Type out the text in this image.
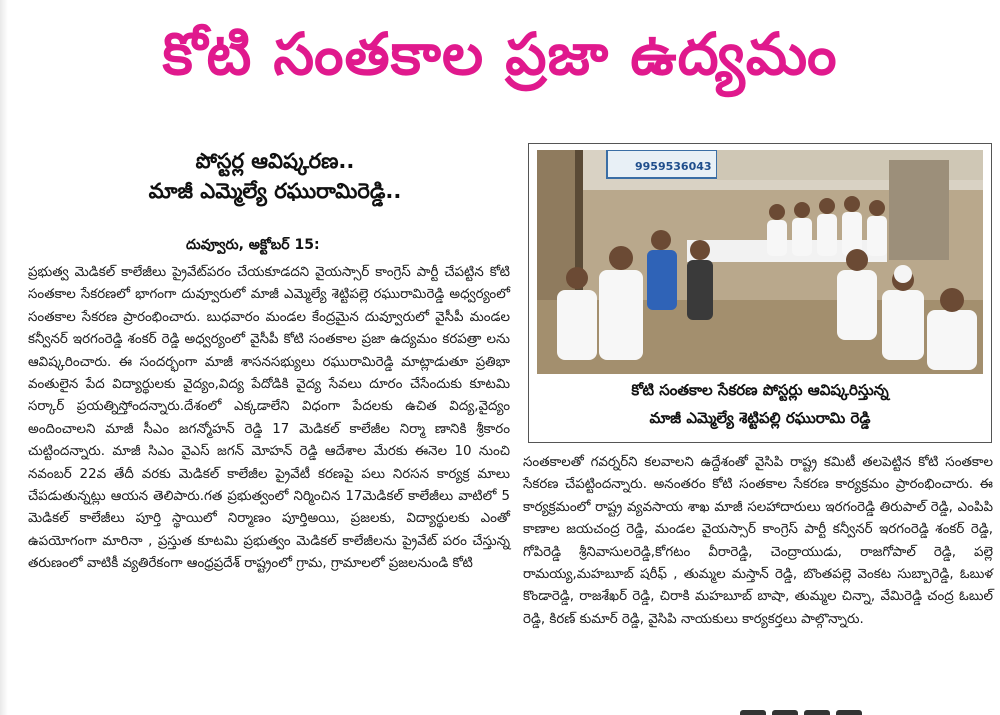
కోటి సంతకాల ప్రజా ఉద్యమం
పోస్టర్ల ఆవిష్కరణ..
మాజీ ఎమ్మెల్యే రఘురామిరెడ్డి..
దువ్వూరు, అక్టోబర్ 15:
ప్రభుత్వ మెడికల్ కాలేజీలు ప్రైవేట్‌పరం చేయకూడదని వైయస్సార్ కాంగ్రెస్ పార్టీ చేపట్టిన కోటి సంతకాల సేకరణలో భాగంగా దువ్వూరులో మాజీ ఎమ్మెల్యే శెట్టిపల్లె రఘురామిరెడ్డి అధ్వర్యంలో సంతకాల సేకరణ ప్రారంభించారు. బుధవారం మండల కేంద్రమైన దువ్వూరులో వైసీపీ మండల కన్వీనర్ ఇరగంరెడ్డి శంకర్ రెడ్డి అధ్వర్యంలో వైసీపీ కోటి సంతకాల ప్రజా ఉద్యమం కరపత్రా లను ఆవిష్కరించారు. ఈ సందర్భంగా మాజీ శాసనసభ్యులు రఘురామిరెడ్డి మాట్లాడుతూ ప్రతిభా వంతులైన పేద విద్యార్థులకు వైద్యం,విద్య పేదోడికి వైద్య సేవలు దూరం చేసేందుకు కూటమి సర్కార్ ప్రయత్నిస్తోందన్నారు.దేశంలో ఎక్కడాలేని విధంగా పేదలకు ఉచిత విద్య,వైద్యం అందించాలని మాజీ సీఎం జగన్మోహన్ రెడ్డి 17 మెడికల్ కాలేజీల నిర్మా ణానికి శ్రీకారం చుట్టిందన్నారు. మాజీ సిఎం వైఎస్ జగన్ మోహన్ రెడ్డి ఆదేశాల మేరకు ఈనెల 10 నుంచి నవంబర్ 22వ తేదీ వరకు మెడికల్ కాలేజీల ప్రైవేటీ కరణపై పలు నిరసన కార్యక్ర మాలు చేపడుతున్నట్లు ఆయన తెలిపారు.గత ప్రభుత్వంలో నిర్మించిన 17మెడికల్ కాలేజీలు వాటిలో 5 మెడికల్ కాలేజీలు పూర్తి స్థాయిలో నిర్మాణం పూర్తిఅయి, ప్రజలకు, విద్యార్థులకు ఎంతో ఉపయోగంగా మారినా , ప్రస్తుత కూటమి ప్రభుత్వం మెడికల్ కాలేజీలను ప్రైవేట్ పరం చేస్తున్న తరుణంలో వాటికీ వ్యతిరేకంగా ఆంధ్రప్రదేశ్ రాష్ట్రంలో గ్రామ, గ్రామాలలో ప్రజలనుండి కోటి
9959536043
కోటి సంతకాల సేకరణ పోస్టర్లు ఆవిష్కరిస్తున్న
మాజీ ఎమ్మెల్యే శెట్టిపల్లి రఘురామి రెడ్డి
సంతకాలతో గవర్నర్‌ని కలవాలని ఉద్దేశంతో వైసిపి రాష్ట్ర కమిటీ తలపెట్టిన కోటి సంతకాల సేకరణ చేపట్టిందన్నారు. అనంతరం కోటి సంతకాల సేకరణ కార్యక్రమం ప్రారంభించారు. ఈ కార్యక్రమంలో రాష్ట్ర వ్యవసాయ శాఖ మాజీ సలహాదారులు ఇరగంరెడ్డి తిరుపాల్ రెడ్డి, ఎంపిపి కాణాల జయచంద్ర రెడ్డి, మండల వైయస్సార్ కాంగ్రెస్ పార్టీ కన్వీనర్ ఇరగంరెడ్డి శంకర్ రెడ్డి, గోపిరెడ్డి శ్రీనివాసులరెడ్డి,కోగటం వీరారెడ్డి, చెంద్రాయుడు, రాజగోపాల్ రెడ్డి, పల్లె రామయ్య,మహబూబ్ షరీఫ్ , తుమ్మల మస్తాన్ రెడ్డి, బొంతపల్లె వెంకట సుబ్బారెడ్డి, ఓబుళ కొండారెడ్డి, రాజశేఖర్ రెడ్డి, చిరాకి మహబూబ్ బాషా, తుమ్మల చిన్నా, వేమిరెడ్డి చంద్ర ఓబుల్ రెడ్డి, కిరణ్ కుమార్ రెడ్డి, వైసిపి నాయకులు కార్యకర్తలు పాల్గొన్నారు.
